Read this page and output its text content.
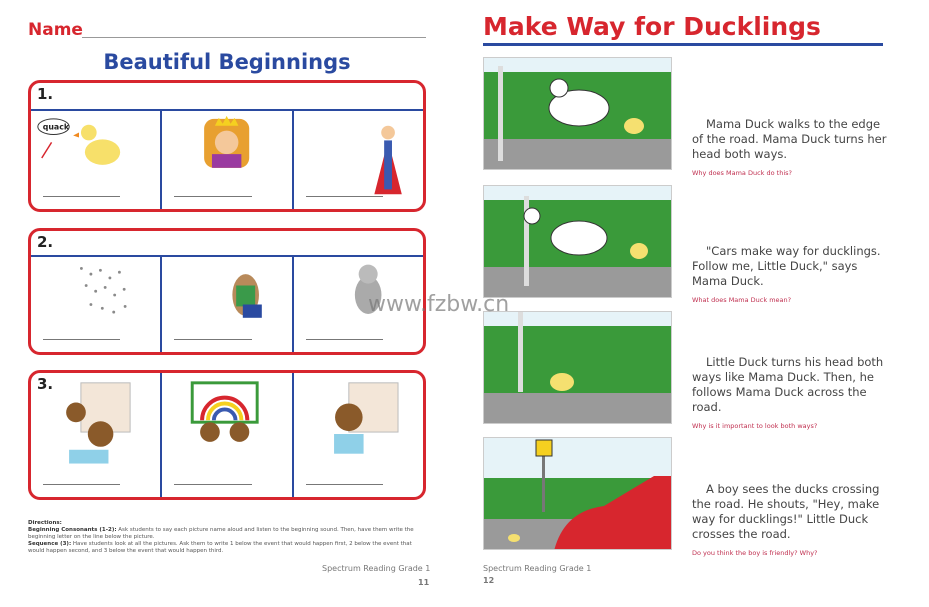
Name
Beautiful Beginnings
1.
quack
2.
3.
Directions:
Beginning Consonants (1-2): Ask students to say each picture name aloud and listen to the beginning sound. Then, have them write the beginning letter on the line below the picture.
Sequence (3): Have students look at all the pictures. Ask them to write 1 below the event that would happen first, 2 below the event that would happen second, and 3 below the event that would happen third.
Spectrum Reading Grade 1
11
Make Way for Ducklings

Mama Duck walks to the edge of the road. Mama Duck turns her head both ways.

Why does Mama Duck do this?

"Cars make way for ducklings. Follow me, Little Duck," says Mama Duck.

What does Mama Duck mean?

Little Duck turns his head both ways like Mama Duck. Then, he follows Mama Duck across the road.

Why is it important to look both ways?

A boy sees the ducks crossing the road. He shouts, "Hey, make way for ducklings!" Little Duck crosses the road.

Do you think the boy is friendly? Why?

Spectrum Reading Grade 1
12
www.fzbw.cn
